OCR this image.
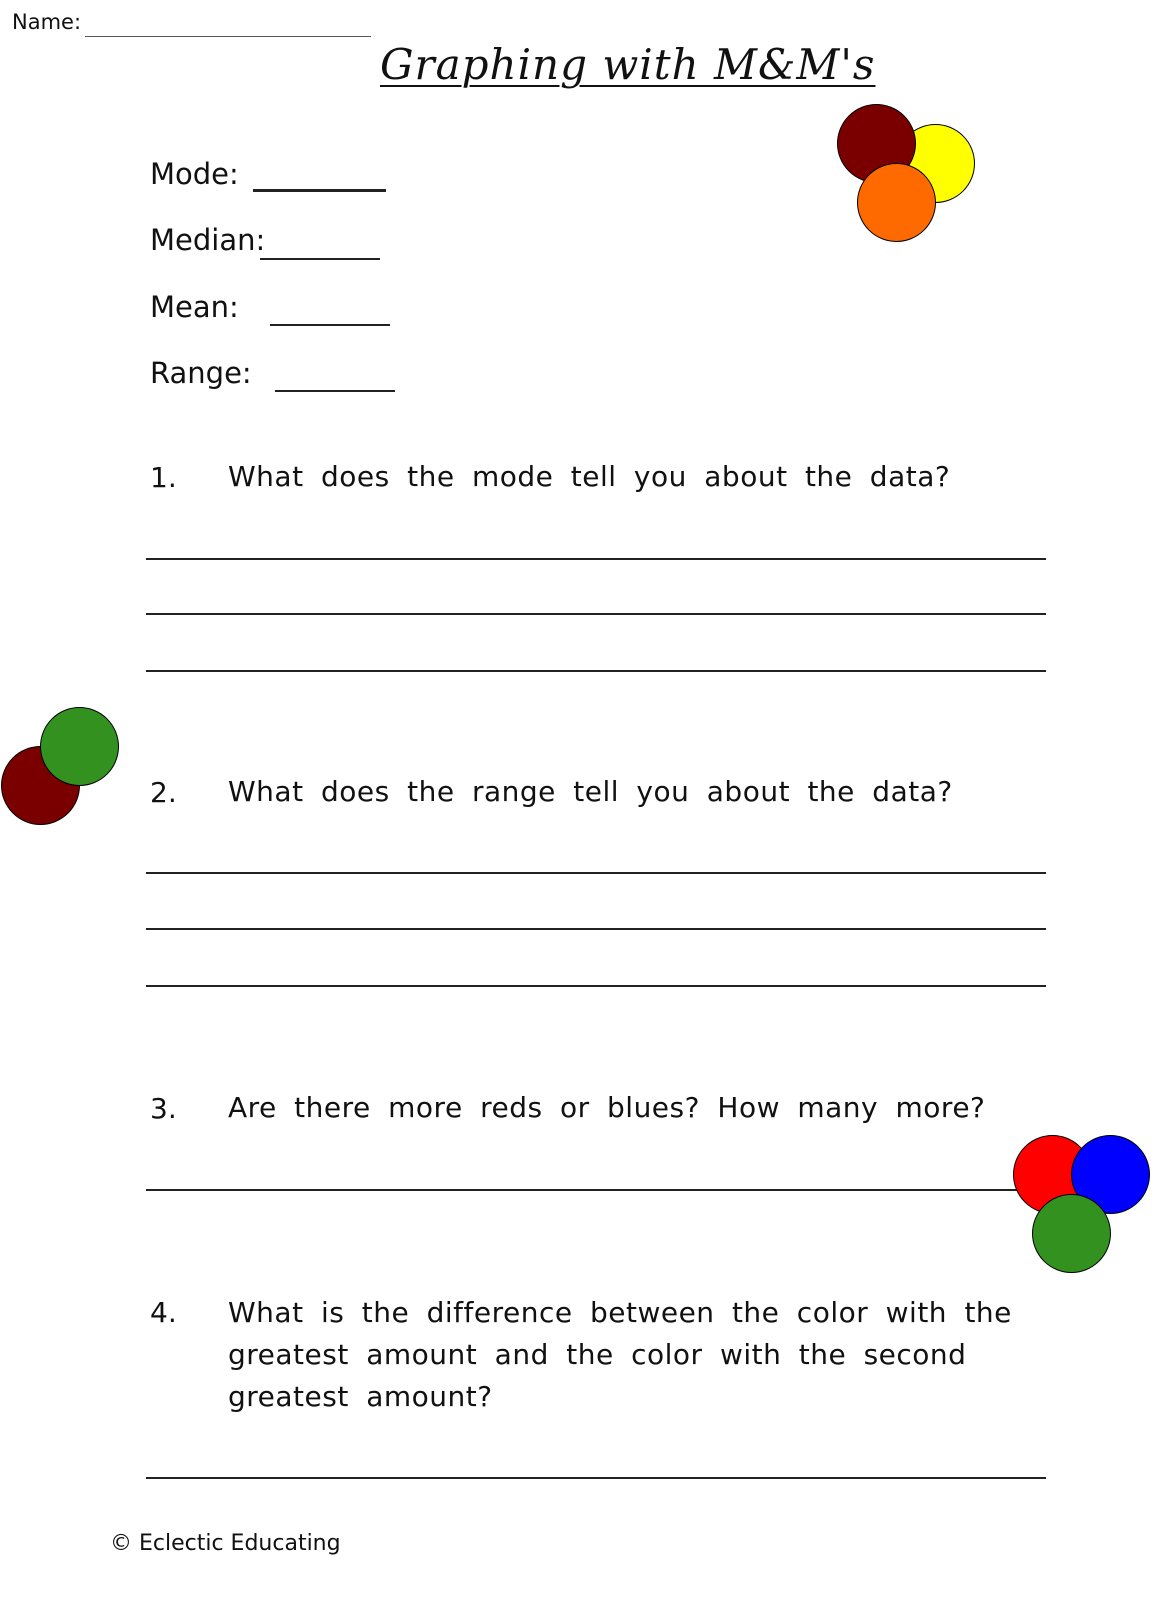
Name:
Graphing with M&M's
Mode:
Median:
Mean:
Range:
1. What does the mode tell you about the data?
2. What does the range tell you about the data?
3. Are there more reds or blues? How many more?
4. What is the difference between the color with the greatest amount and the color with the second greatest amount?
© Eclectic Educating
